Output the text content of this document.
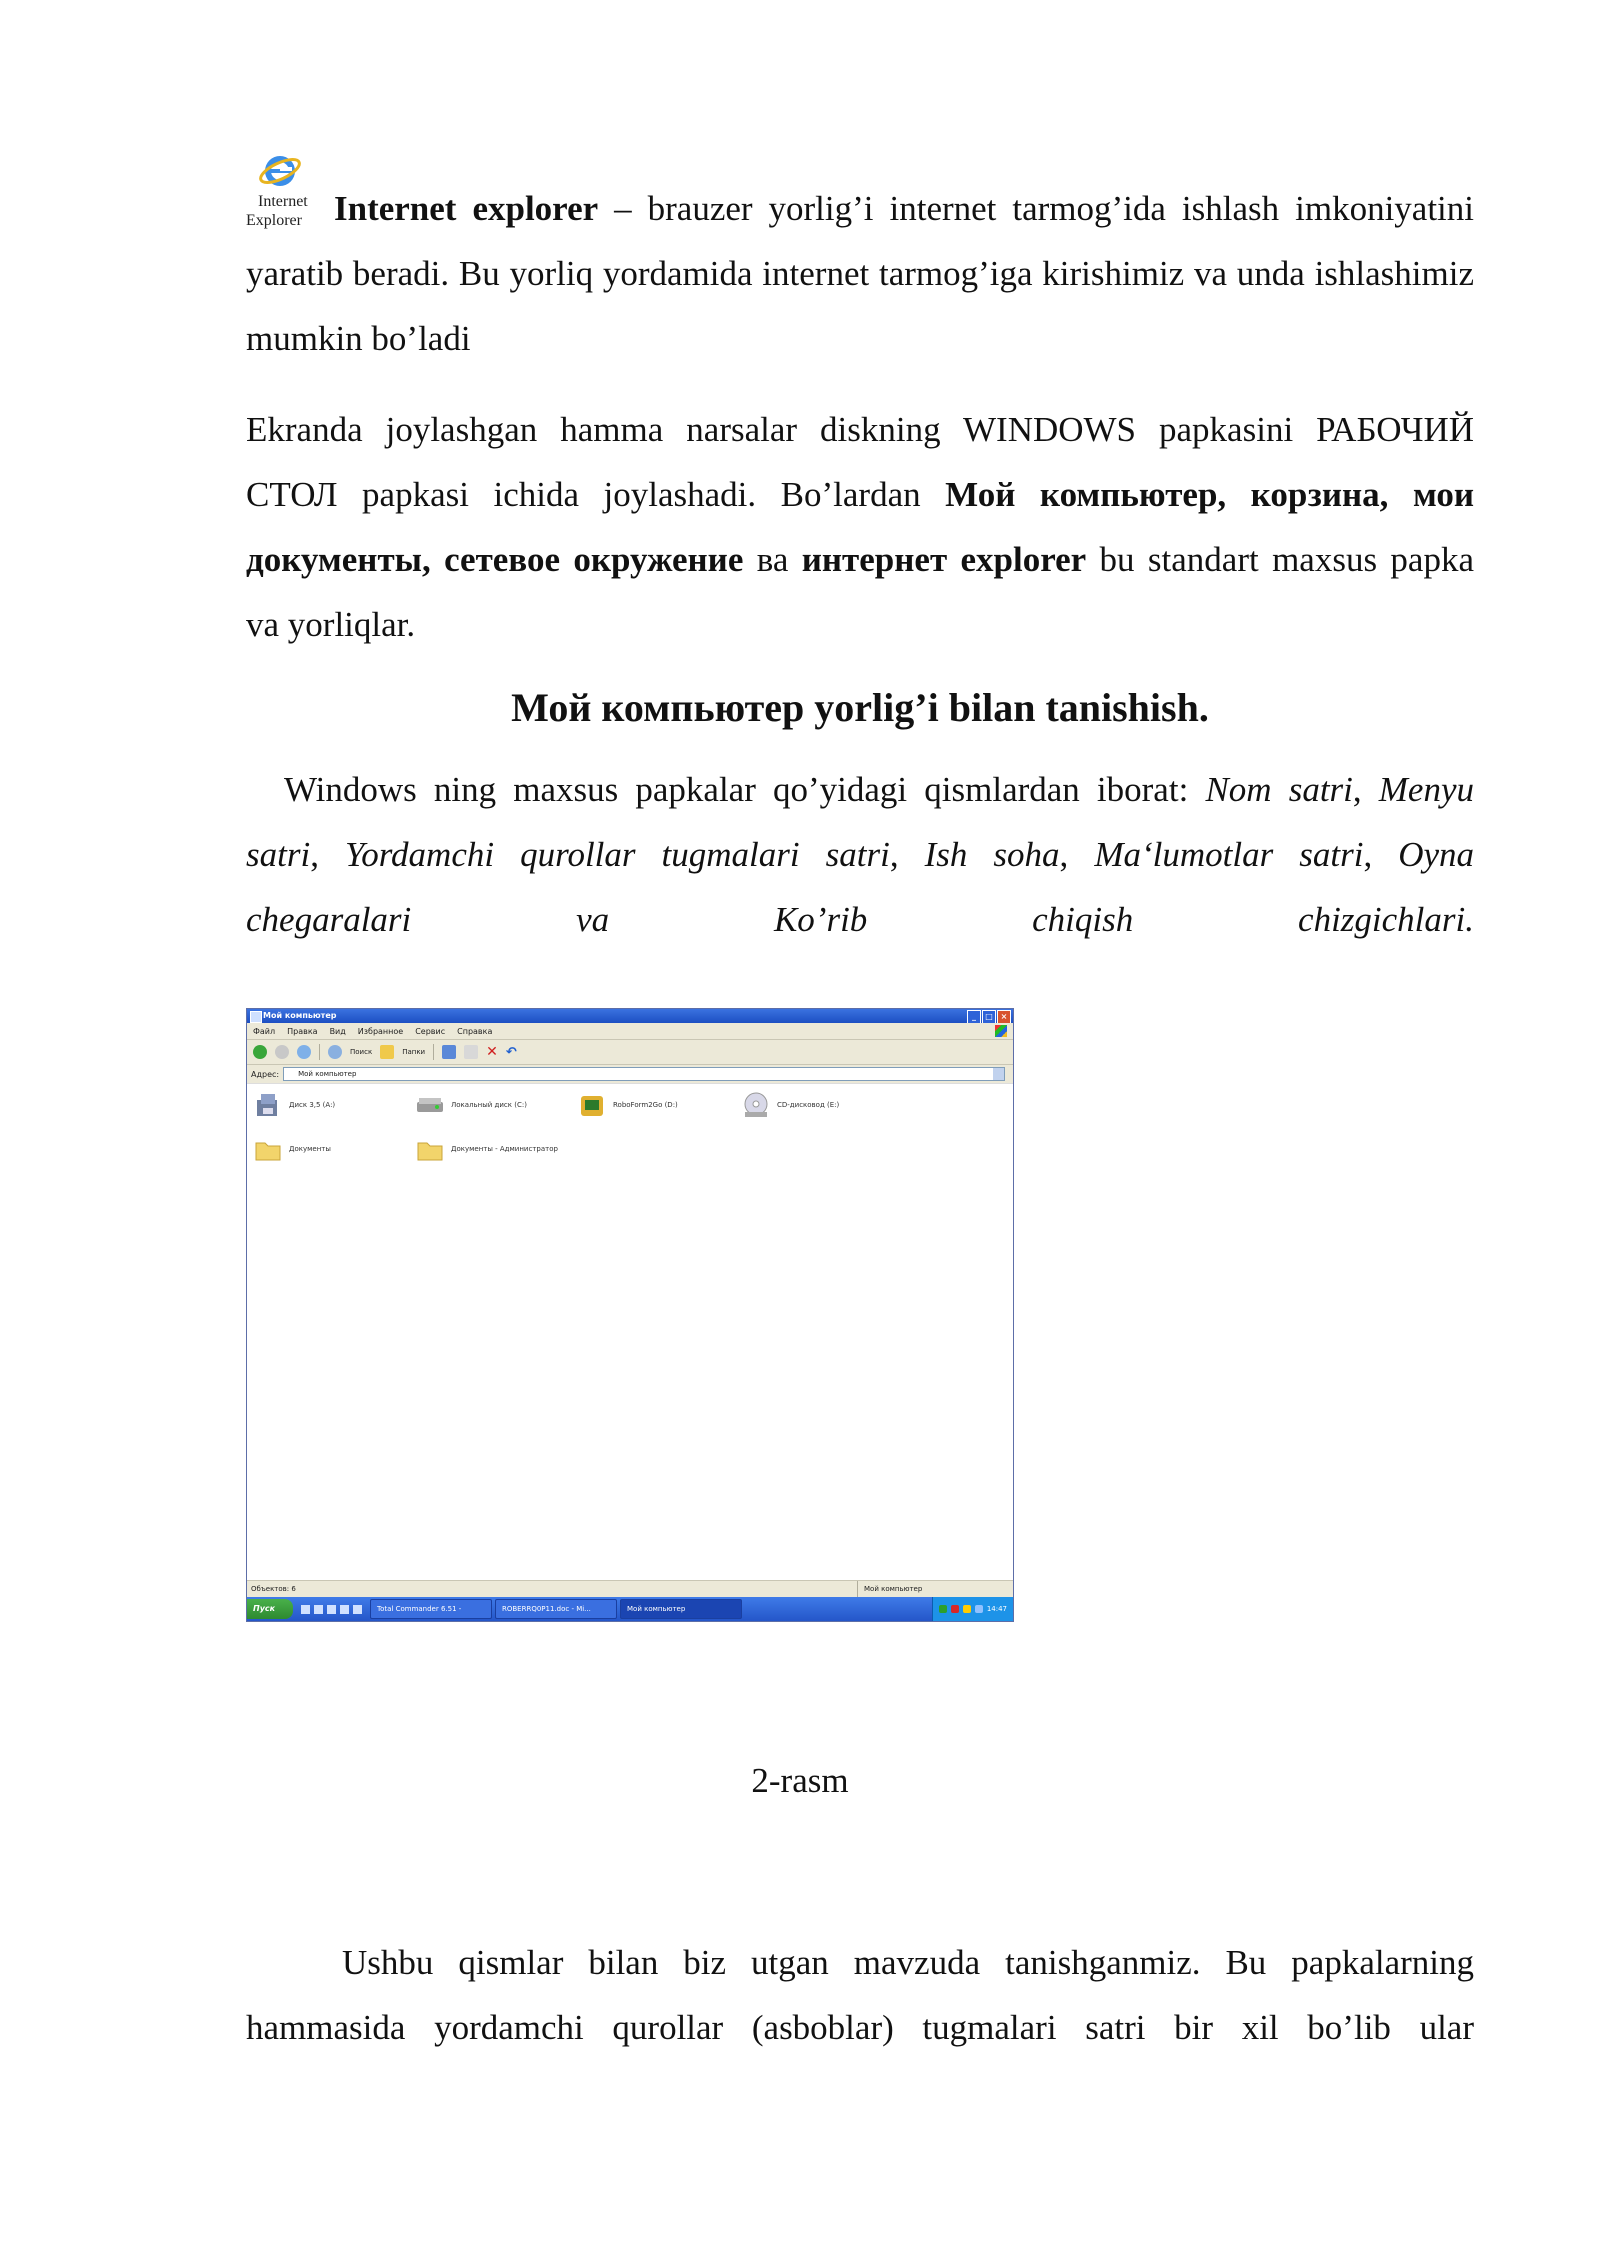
Internet
Explorer Internet explorer – brauzer yorlig’i internet tarmog’ida ishlash imkoniyatini yaratib beradi. Bu yorliq yordamida internet tarmog’iga kirishimiz va unda ishlashimiz mumkin bo’ladi

Ekranda joylashgan hamma narsalar diskning WINDOWS papkasini РАБОЧИЙ СТОЛ papkasi ichida joylashadi. Bo’lardan Мой компьютер, корзина, мои документы, сетевое окружение ва интернет explorer bu standart maxsus papka va yorliqlar.

Мой компьютер yorlig’i bilan tanishish.

Windows ning maxsus papkalar qo’yidagi qismlardan iborat: Nom satri, Menyu satri, Yordamchi qurollar tugmalari satri, Ish soha, Ma‘lumotlar satri, Oyna chegaralari va Ko’rib chiqish chizgichlari.

Мой компьютер	_	□ ×
Файл Правка Вид Избранное Сервис Справка
Поиск	Папки	✕ ↶
Адрес:	Мой компьютер
Диск 3,5 (A:)	Локальный диск (C:)	RoboForm2Go (D:)	CD-дисковод (E:)
Документы	Документы - Администратор
Объектов: 6	Мой компьютер
Пуск	Total Commander 6.51 -	ROBERRQ0P11.doc - Mi...	Мой компьютер	14:47
2-rasm

Ushbu qismlar bilan biz utgan mavzuda tanishganmiz. Bu papkalarning hammasida yordamchi qurollar (asboblar) tugmalari satri bir xil bo’lib ular
